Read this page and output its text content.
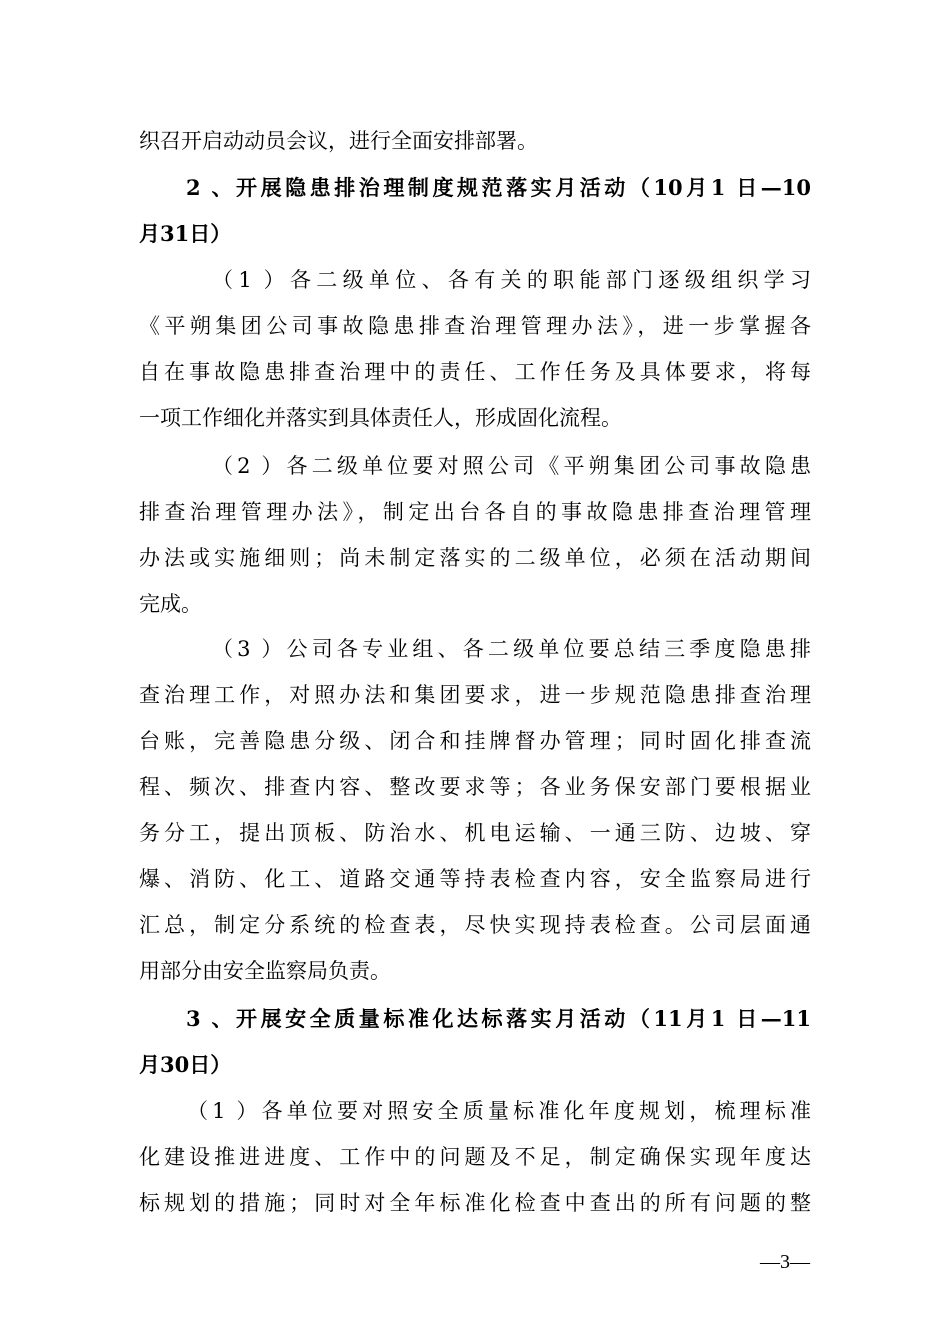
织召开启动动员会议，进行全面安排部署。
2 、开展隐患排治理制度规范落实月活动（10月1 日—10
月31日）
（1 ）各二级单位、各有关的职能部门逐级组织学习
《平朔集团公司事故隐患排查治理管理办法》，进一步掌握各
自在事故隐患排查治理中的责任、工作任务及具体要求，将每
一项工作细化并落实到具体责任人，形成固化流程。
（2 ）各二级单位要对照公司《平朔集团公司事故隐患
排查治理管理办法》，制定出台各自的事故隐患排查治理管理
办法或实施细则；尚未制定落实的二级单位，必须在活动期间
完成。
（3 ）公司各专业组、各二级单位要总结三季度隐患排
查治理工作，对照办法和集团要求，进一步规范隐患排查治理
台账，完善隐患分级、闭合和挂牌督办管理；同时固化排查流
程、频次、排查内容、整改要求等；各业务保安部门要根据业
务分工，提出顶板、防治水、机电运输、一通三防、边坡、穿
爆、消防、化工、道路交通等持表检查内容，安全监察局进行
汇总，制定分系统的检查表，尽快实现持表检查。公司层面通
用部分由安全监察局负责。
3 、开展安全质量标准化达标落实月活动（11月1 日—11
月30日）
（1 ）各单位要对照安全质量标准化年度规划，梳理标准
化建设推进进度、工作中的问题及不足，制定确保实现年度达
标规划的措施；同时对全年标准化检查中查出的所有问题的整
—3—
